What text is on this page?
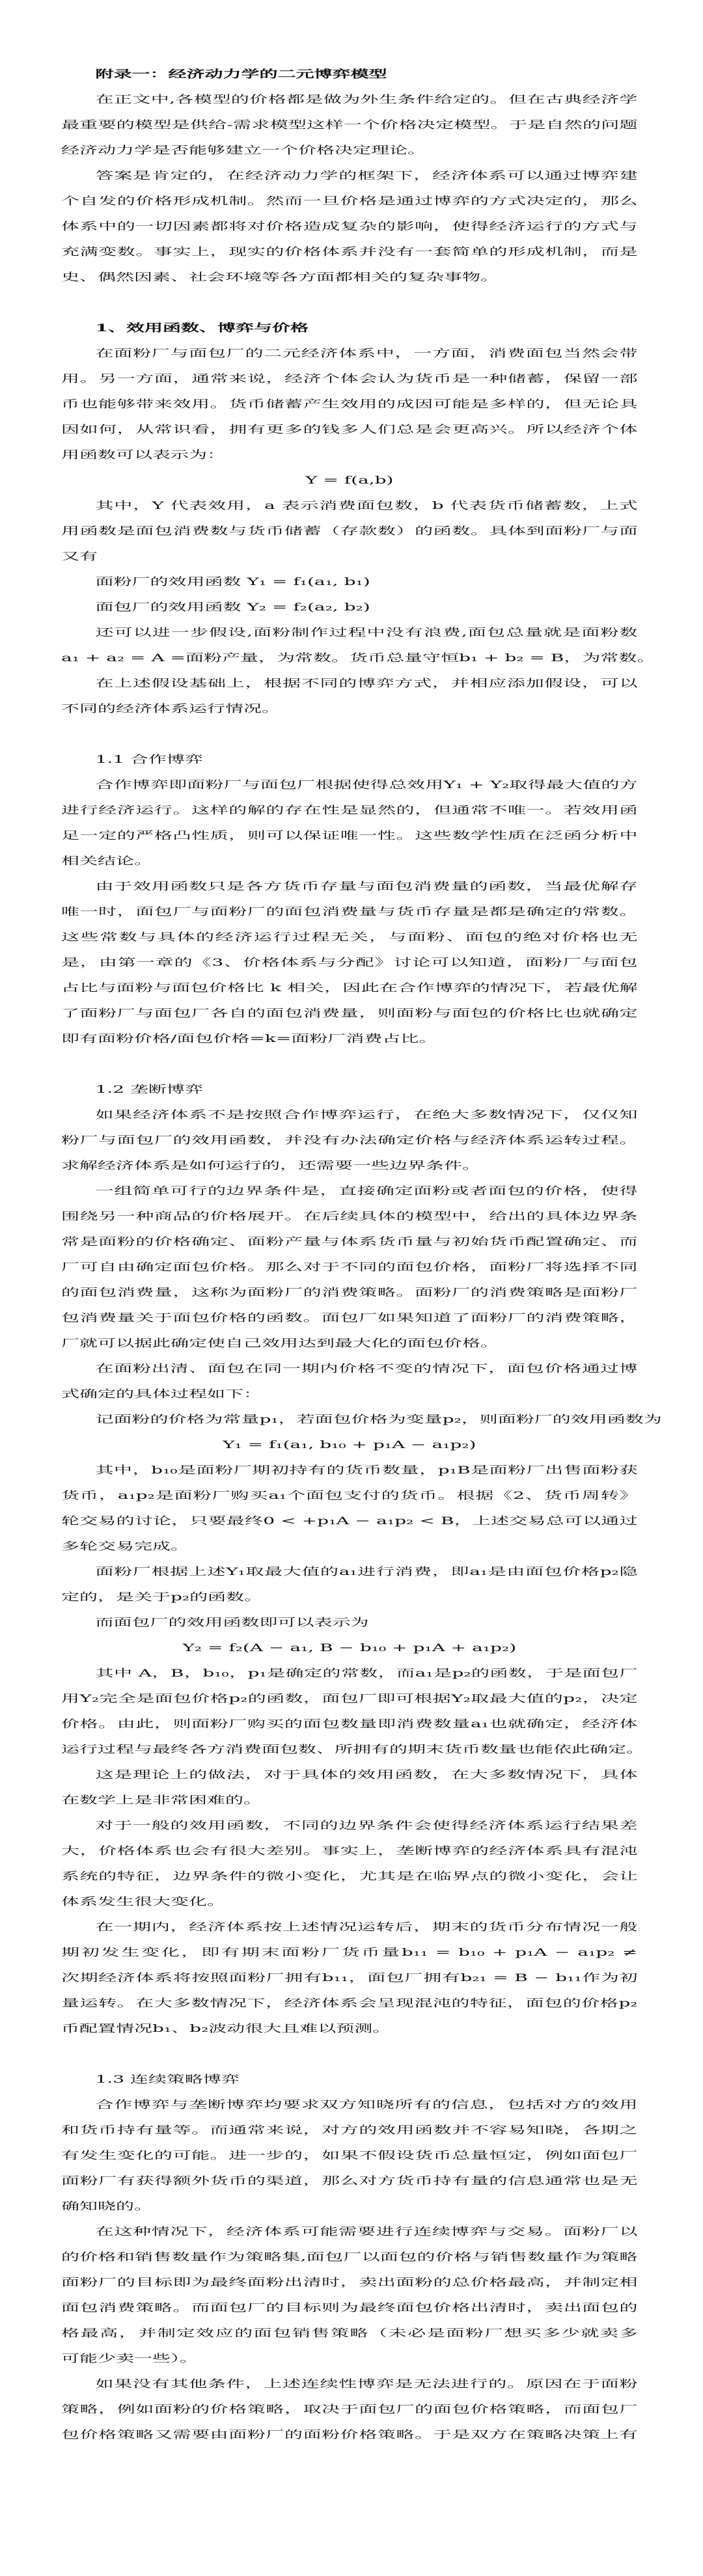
附录一：经济动力学的二元博弈模型
在正文中,各模型的价格都是做为外生条件给定的。但在古典经济学
最重要的模型是供给-需求模型这样一个价格决定模型。于是自然的问题
经济动力学是否能够建立一个价格决定理论。
答案是肯定的，在经济动力学的框架下，经济体系可以通过博弈建
个自发的价格形成机制。然而一旦价格是通过博弈的方式决定的，那么
体系中的一切因素都将对价格造成复杂的影响，使得经济运行的方式与
充满变数。事实上，现实的价格体系并没有一套简单的形成机制，而是
史、偶然因素、社会环境等各方面都相关的复杂事物。
1、效用函数、博弈与价格
在面粉厂与面包厂的二元经济体系中，一方面，消费面包当然会带
用。另一方面，通常来说，经济个体会认为货币是一种储蓄，保留一部
币也能够带来效用。货币储蓄产生效用的成因可能是多样的，但无论具
因如何，从常识看，拥有更多的钱多人们总是会更高兴。所以经济个体
用函数可以表示为：
Y = f(a,b)
其中，Y 代表效用，a 表示消费面包数，b 代表货币储蓄数，上式
用函数是面包消费数与货币储蓄（存款数）的函数。具体到面粉厂与面
又有
面粉厂的效用函数 Y₁ = f₁(a₁, b₁)
面包厂的效用函数 Y₂ = f₂(a₂, b₂)
还可以进一步假设,面粉制作过程中没有浪费,面包总量就是面粉数
a₁ + a₂ = A =面粉产量，为常数。货币总量守恒b₁ + b₂ = B，为常数。
在上述假设基础上，根据不同的博弈方式，并相应添加假设，可以
不同的经济体系运行情况。
1.1 合作博弈
合作博弈即面粉厂与面包厂根据使得总效用Y₁ + Y₂取得最大值的方
进行经济运行。这样的解的存在性是显然的，但通常不唯一。若效用函
足一定的严格凸性质，则可以保证唯一性。这些数学性质在泛函分析中
相关结论。
由于效用函数只是各方货币存量与面包消费量的函数，当最优解存
唯一时，面包厂与面粉厂的面包消费量与货币存量是都是确定的常数。
这些常数与具体的经济运行过程无关，与面粉、面包的绝对价格也无
是，由第一章的《3、价格体系与分配》讨论可以知道，面粉厂与面包
占比与面粉与面包价格比 k 相关，因此在合作博弈的情况下，若最优解
了面粉厂与面包厂各自的面包消费量，则面粉与面包的价格比也就确定
即有面粉价格/面包价格=k=面粉厂消费占比。
1.2 垄断博弈
如果经济体系不是按照合作博弈运行，在绝大多数情况下，仅仅知
粉厂与面包厂的效用函数，并没有办法确定价格与经济体系运转过程。
求解经济体系是如何运行的，还需要一些边界条件。
一组简单可行的边界条件是，直接确定面粉或者面包的价格，使得
围绕另一种商品的价格展开。在后续具体的模型中，给出的具体边界条
常是面粉的价格确定、面粉产量与体系货币量与初始货币配置确定、而
厂可自由确定面包价格。那么对于不同的面包价格，面粉厂将选择不同
的面包消费量，这称为面粉厂的消费策略。面粉厂的消费策略是面粉厂
包消费量关于面包价格的函数。面包厂如果知道了面粉厂的消费策略，
厂就可以据此确定使自己效用达到最大化的面包价格。
在面粉出清、面包在同一期内价格不变的情况下，面包价格通过博
式确定的具体过程如下：
记面粉的价格为常量p₁，若面包价格为变量p₂，则面粉厂的效用函数为
Y₁ = f₁(a₁, b₁₀ + p₁A − a₁p₂)
其中，b₁₀是面粉厂期初持有的货币数量，p₁B是面粉厂出售面粉获
货币，a₁p₂是面粉厂购买a₁个面包支付的货币。根据《2、货币周转》
轮交易的讨论，只要最终0 < +p₁A − a₁p₂ < B，上述交易总可以通过
多轮交易完成。
面粉厂根据上述Y₁取最大值的a₁进行消费，即a₁是由面包价格p₂隐
定的，是关于p₂的函数。
而面包厂的效用函数即可以表示为
Y₂ = f₂(A − a₁, B − b₁₀ + p₁A + a₁p₂)
其中 A，B，b₁₀，p₁是确定的常数，而a₁是p₂的函数，于是面包厂
用Y₂完全是面包价格p₂的函数，面包厂即可根据Y₂取最大值的p₂，决定
价格。由此，则面粉厂购买的面包数量即消费数量a₁也就确定，经济体
运行过程与最终各方消费面包数、所拥有的期末货币数量也能依此确定。
这是理论上的做法，对于具体的效用函数，在大多数情况下，具体
在数学上是非常困难的。
对于一般的效用函数，不同的边界条件会使得经济体系运行结果差
大，价格体系也会有很大差别。事实上，垄断博弈的经济体系具有混沌
系统的特征，边界条件的微小变化，尤其是在临界点的微小变化，会让
体系发生很大变化。
在一期内，经济体系按上述情况运转后，期末的货币分布情况一般
期初发生变化，即有期末面粉厂货币量b₁₁ = b₁₀ + p₁A − a₁p₂ ≠
次期经济体系将按照面粉厂拥有b₁₁，面包厂拥有b₂₁ = B − b₁₁作为初
量运转。在大多数情况下，经济体系会呈现混沌的特征，面包的价格p₂
币配置情况b₁、b₂波动很大且难以预测。
1.3 连续策略博弈
合作博弈与垄断博弈均要求双方知晓所有的信息，包括对方的效用
和货币持有量等。而通常来说，对方的效用函数并不容易知晓，各期之
有发生变化的可能。进一步的，如果不假设货币总量恒定，例如面包厂
面粉厂有获得额外货币的渠道，那么对方货币持有量的信息通常也是无
确知晓的。
在这种情况下，经济体系可能需要进行连续博弈与交易。面粉厂以
的价格和销售数量作为策略集,面包厂以面包的价格与销售数量作为策略
面粉厂的目标即为最终面粉出清时，卖出面粉的总价格最高，并制定相
面包消费策略。而面包厂的目标则为最终面包价格出清时，卖出面包的
格最高，并制定效应的面包销售策略（未必是面粉厂想买多少就卖多
可能少卖一些）。
如果没有其他条件，上述连续性博弈是无法进行的。原因在于面粉
策略，例如面粉的价格策略，取决于面包厂的面包价格策略，而面包厂
包价格策略又需要由面粉厂的面粉价格策略。于是双方在策略决策上有
